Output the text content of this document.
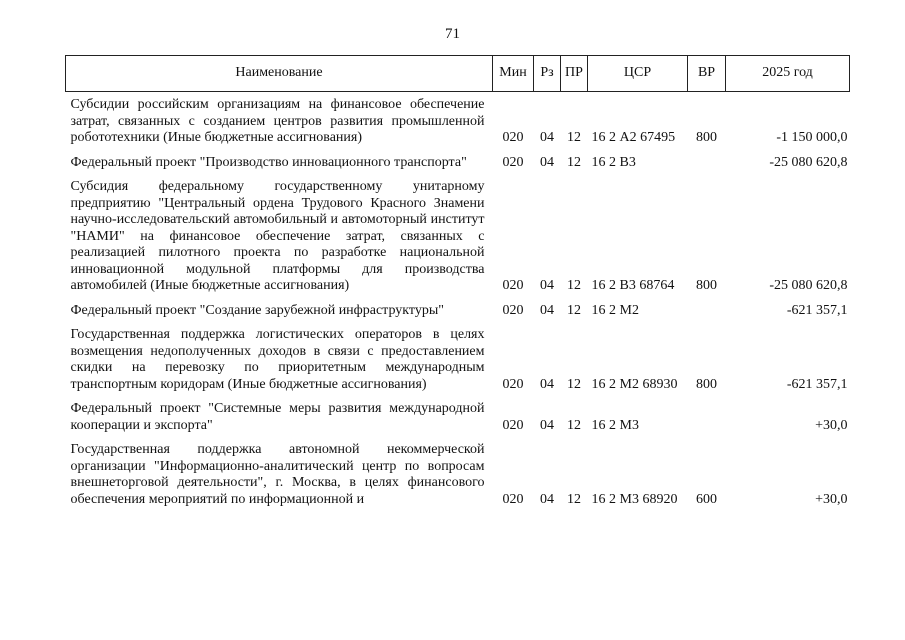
71
Наименование	Мин	Рз	ПР	ЦСР	ВР	2025 год
Субсидии российским организациям на финансовое обеспечение затрат, связанных с созданием центров развития промышленной робототехники (Иные бюджетные ассигнования)	020	04	12	16 2 А2 67495	800	-1 150 000,0
Федеральный проект "Производство инновационного транспорта"	020	04	12	16 2 В3		-25 080 620,8
Субсидия федеральному государственному унитарному предприятию "Центральный ордена Трудового Красного Знамени научно-исследовательский автомобильный и автомоторный институт "НАМИ" на финансовое обеспечение затрат, связанных с реализацией пилотного проекта по разработке национальной инновационной модульной платформы для производства автомобилей (Иные бюджетные ассигнования)	020	04	12	16 2 В3 68764	800	-25 080 620,8
Федеральный проект "Создание зарубежной инфраструктуры"	020	04	12	16 2 М2		-621 357,1
Государственная поддержка логистических операторов в целях возмещения недополученных доходов в связи с предоставлением скидки на перевозку по приоритетным международным транспортным коридорам (Иные бюджетные ассигнования)	020	04	12	16 2 М2 68930	800	-621 357,1
Федеральный проект "Системные меры развития международной кооперации и экспорта"	020	04	12	16 2 М3		+30,0
Государственная поддержка автономной некоммерческой организации "Информационно-аналитический центр по вопросам внешнеторговой деятельности", г. Москва, в целях финансового обеспечения мероприятий по информационной и	020	04	12	16 2 М3 68920	600	+30,0
